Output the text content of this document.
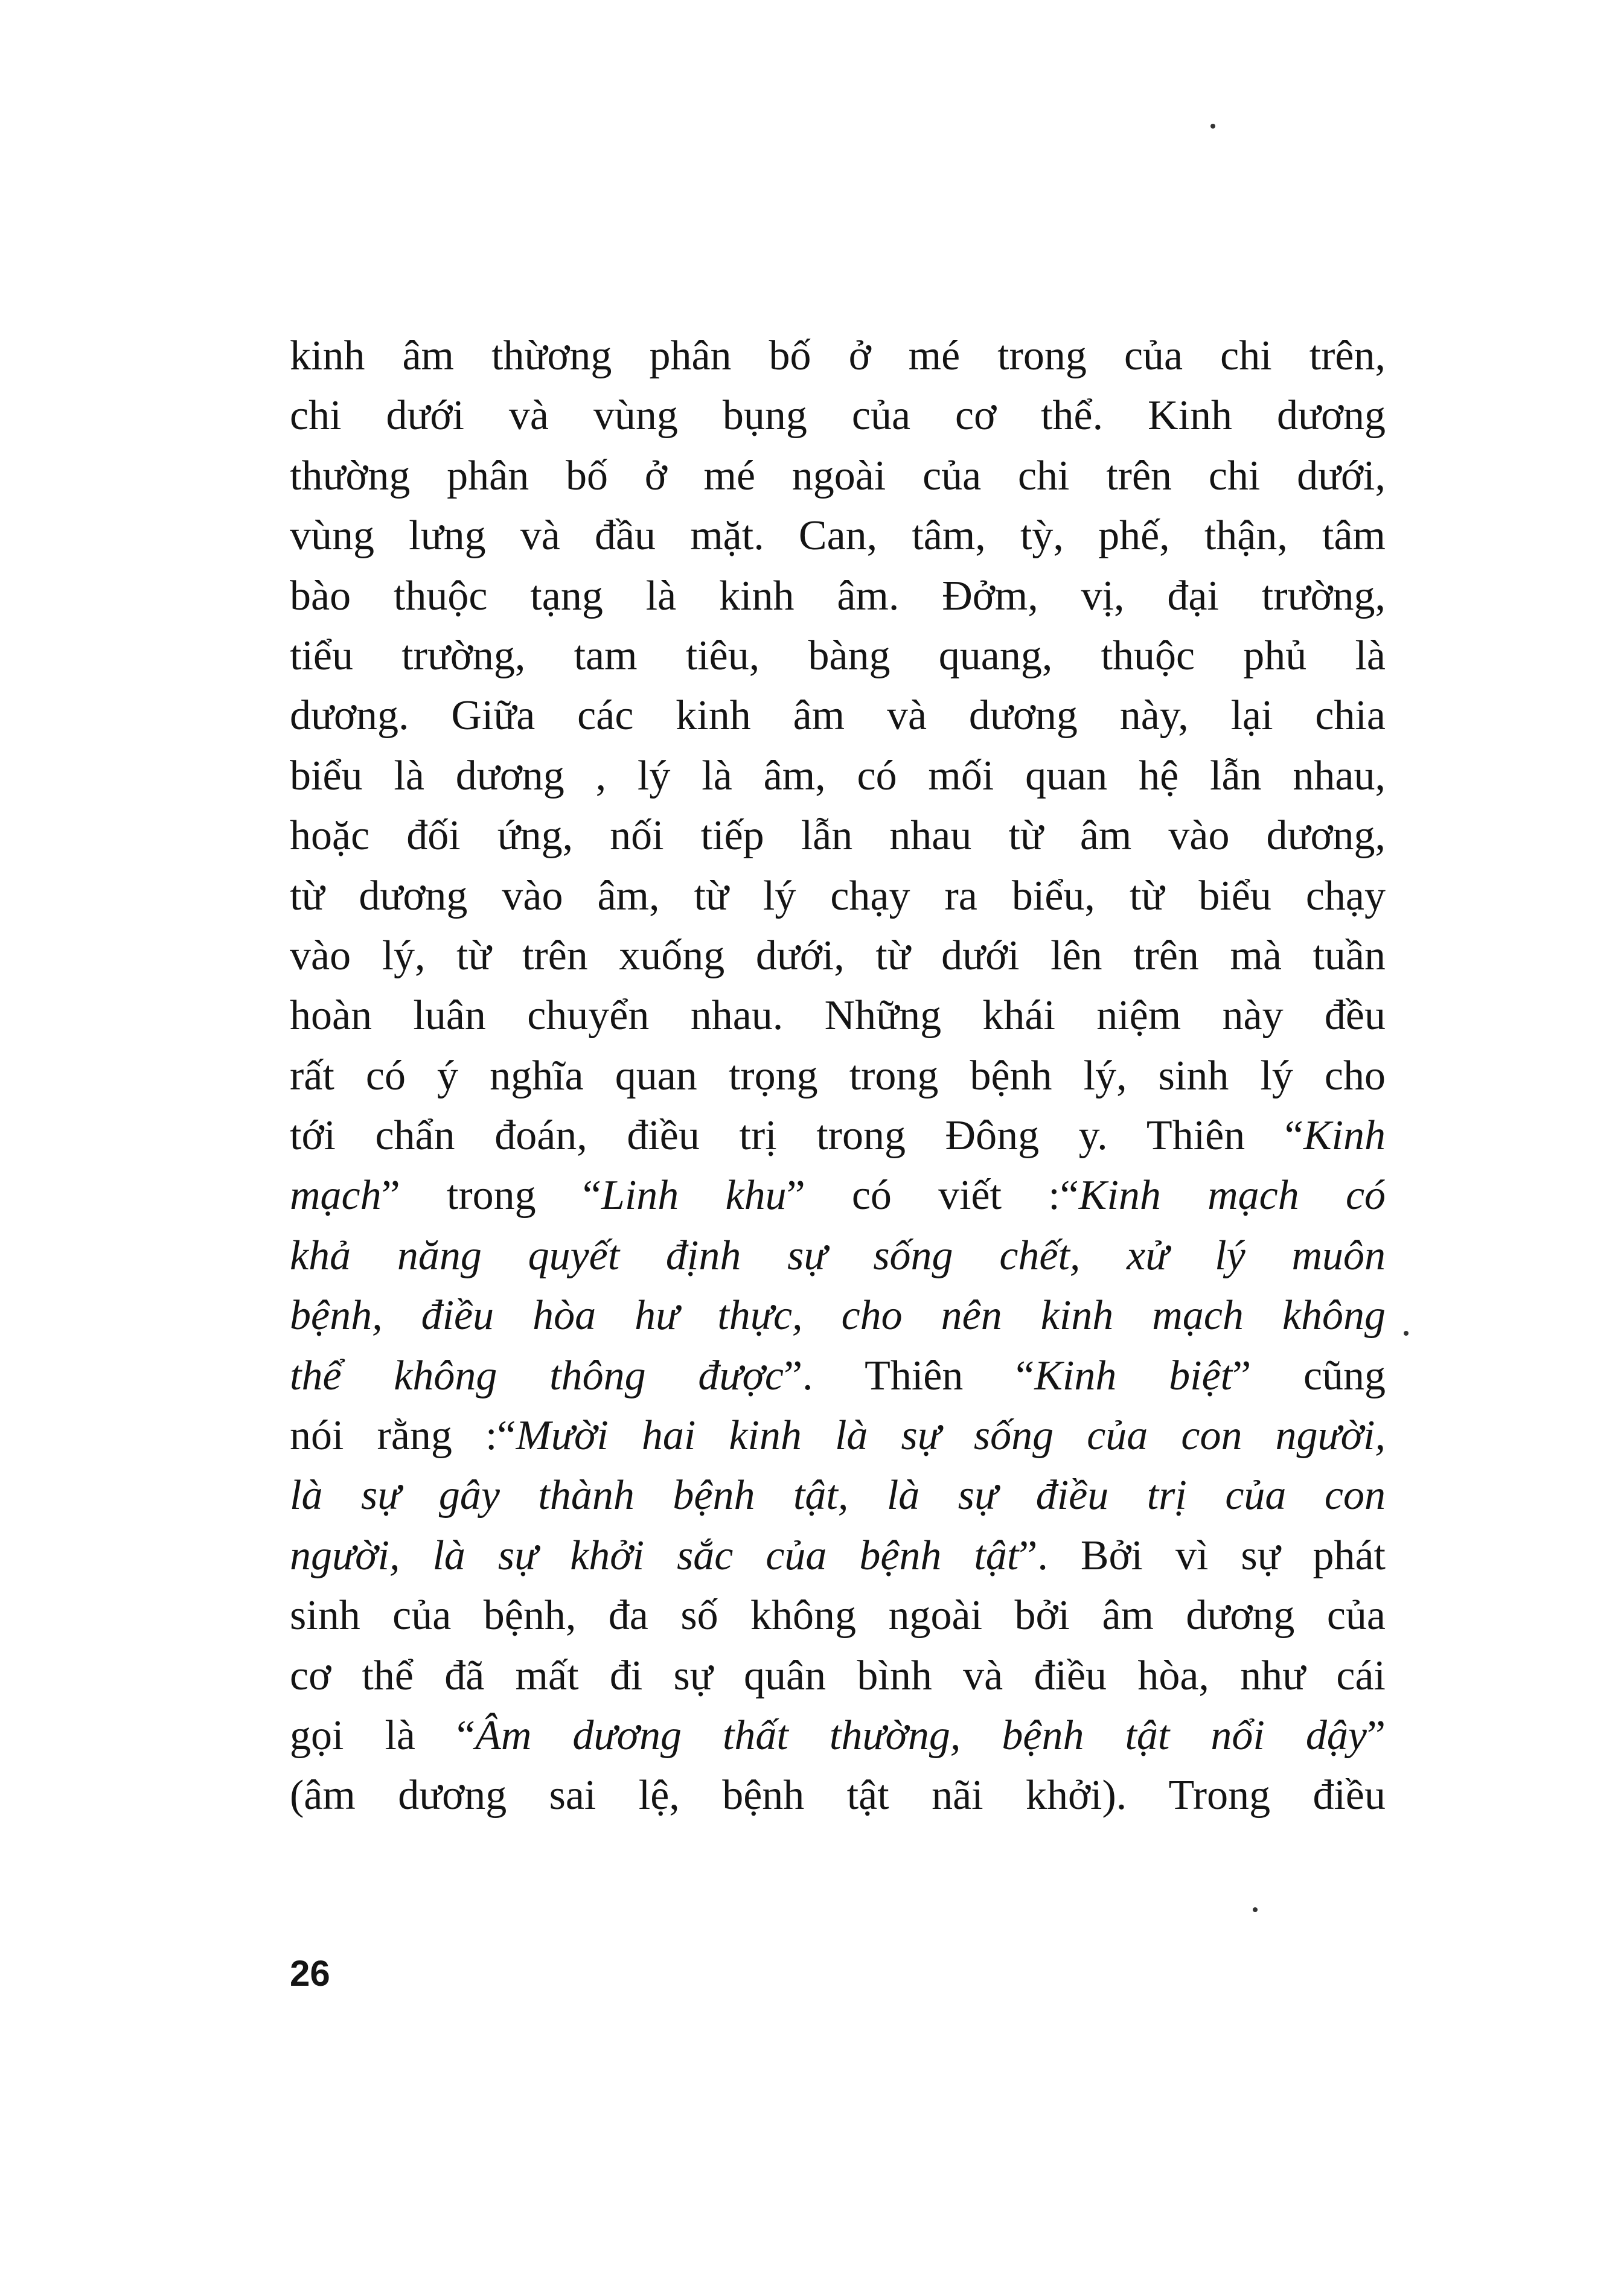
kinh âm thừơng phân bố ở mé trong của chi trên,
chi dưới và vùng bụng của cơ thể. Kinh dương
thường phân bố ở mé ngoài của chi trên chi dưới,
vùng lưng và đầu mặt. Can, tâm, tỳ, phế, thận, tâm
bào thuộc tạng là kinh âm. Đởm, vị, đại trường,
tiểu trường, tam tiêu, bàng quang, thuộc phủ là
dương. Giữa các kinh âm và dương này, lại chia
biểu là dương , lý là âm, có mối quan hệ lẫn nhau,
hoặc đối ứng, nối tiếp lẫn nhau từ âm vào dương,
từ dương vào âm, từ lý chạy ra biểu, từ biểu chạy
vào lý, từ trên xuống dưới, từ dưới lên trên mà tuần
hoàn luân chuyển nhau. Những khái niệm này đều
rất có ý nghĩa quan trọng trong bệnh lý, sinh lý cho
tới chẩn đoán, điều trị trong Đông y. Thiên “Kinh
mạch” trong “Linh khu” có viết :“Kinh mạch có
khả năng quyết định sự sống chết, xử lý muôn
bệnh, điều hòa hư thực, cho nên kinh mạch không
thể không thông được”. Thiên “Kinh biệt” cũng
nói rằng :“Mười hai kinh là sự sống của con người,
là sự gây thành bệnh tật, là sự điều trị của con
người, là sự khởi sắc của bệnh tật”. Bởi vì sự phát
sinh của bệnh, đa số không ngoài bởi âm dương của
cơ thể đã mất đi sự quân bình và điều hòa, như cái
gọi là “Âm dương thất thường, bệnh tật nổi dậy”
(âm dương sai lệ, bệnh tật nãi khởi). Trong điều

26
